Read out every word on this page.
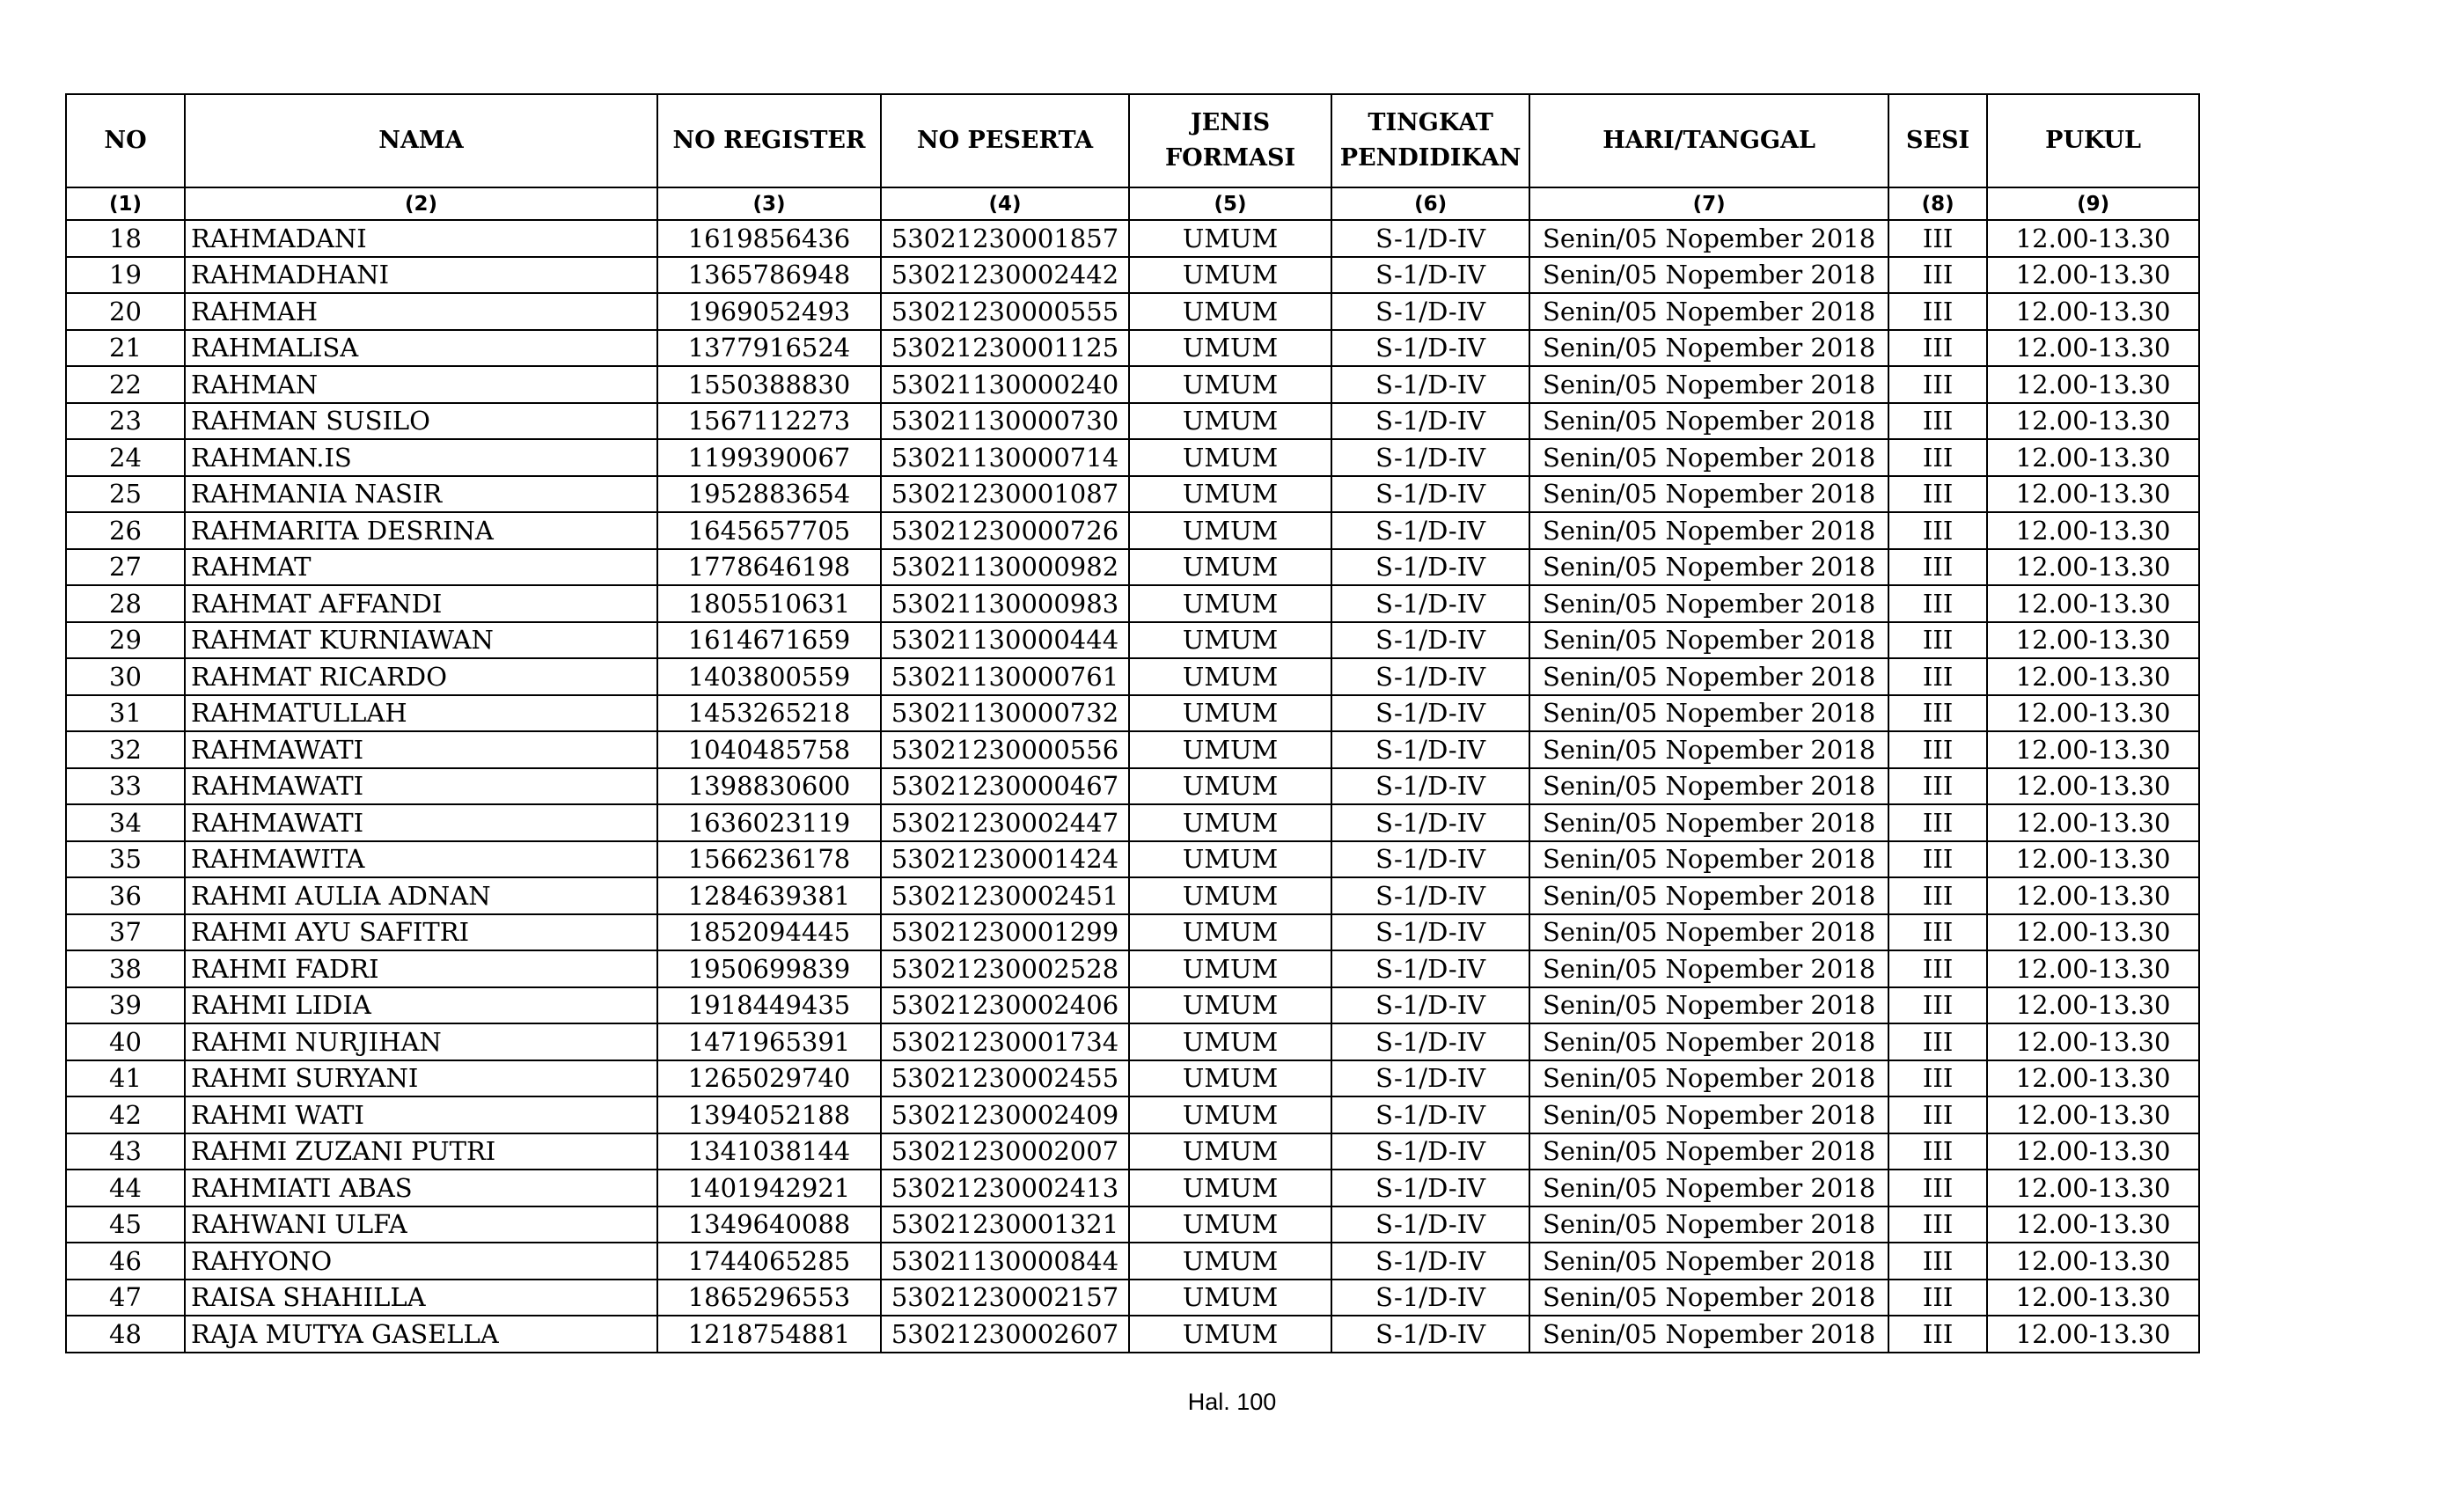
NO	NAMA	NO REGISTER	NO PESERTA	JENIS FORMASI	TINGKAT PENDIDIKAN	HARI/TANGGAL	SESI	PUKUL
(1)	(2)	(3)	(4)	(5)	(6)	(7)	(8)	(9)
18	RAHMADANI	1619856436	53021230001857	UMUM	S-1/D-IV	Senin/05 Nopember 2018	III	12.00-13.30
19	RAHMADHANI	1365786948	53021230002442	UMUM	S-1/D-IV	Senin/05 Nopember 2018	III	12.00-13.30
20	RAHMAH	1969052493	53021230000555	UMUM	S-1/D-IV	Senin/05 Nopember 2018	III	12.00-13.30
21	RAHMALISA	1377916524	53021230001125	UMUM	S-1/D-IV	Senin/05 Nopember 2018	III	12.00-13.30
22	RAHMAN	1550388830	53021130000240	UMUM	S-1/D-IV	Senin/05 Nopember 2018	III	12.00-13.30
23	RAHMAN SUSILO	1567112273	53021130000730	UMUM	S-1/D-IV	Senin/05 Nopember 2018	III	12.00-13.30
24	RAHMAN.IS	1199390067	53021130000714	UMUM	S-1/D-IV	Senin/05 Nopember 2018	III	12.00-13.30
25	RAHMANIA NASIR	1952883654	53021230001087	UMUM	S-1/D-IV	Senin/05 Nopember 2018	III	12.00-13.30
26	RAHMARITA DESRINA	1645657705	53021230000726	UMUM	S-1/D-IV	Senin/05 Nopember 2018	III	12.00-13.30
27	RAHMAT	1778646198	53021130000982	UMUM	S-1/D-IV	Senin/05 Nopember 2018	III	12.00-13.30
28	RAHMAT AFFANDI	1805510631	53021130000983	UMUM	S-1/D-IV	Senin/05 Nopember 2018	III	12.00-13.30
29	RAHMAT KURNIAWAN	1614671659	53021130000444	UMUM	S-1/D-IV	Senin/05 Nopember 2018	III	12.00-13.30
30	RAHMAT RICARDO	1403800559	53021130000761	UMUM	S-1/D-IV	Senin/05 Nopember 2018	III	12.00-13.30
31	RAHMATULLAH	1453265218	53021130000732	UMUM	S-1/D-IV	Senin/05 Nopember 2018	III	12.00-13.30
32	RAHMAWATI	1040485758	53021230000556	UMUM	S-1/D-IV	Senin/05 Nopember 2018	III	12.00-13.30
33	RAHMAWATI	1398830600	53021230000467	UMUM	S-1/D-IV	Senin/05 Nopember 2018	III	12.00-13.30
34	RAHMAWATI	1636023119	53021230002447	UMUM	S-1/D-IV	Senin/05 Nopember 2018	III	12.00-13.30
35	RAHMAWITA	1566236178	53021230001424	UMUM	S-1/D-IV	Senin/05 Nopember 2018	III	12.00-13.30
36	RAHMI AULIA ADNAN	1284639381	53021230002451	UMUM	S-1/D-IV	Senin/05 Nopember 2018	III	12.00-13.30
37	RAHMI AYU SAFITRI	1852094445	53021230001299	UMUM	S-1/D-IV	Senin/05 Nopember 2018	III	12.00-13.30
38	RAHMI FADRI	1950699839	53021230002528	UMUM	S-1/D-IV	Senin/05 Nopember 2018	III	12.00-13.30
39	RAHMI LIDIA	1918449435	53021230002406	UMUM	S-1/D-IV	Senin/05 Nopember 2018	III	12.00-13.30
40	RAHMI NURJIHAN	1471965391	53021230001734	UMUM	S-1/D-IV	Senin/05 Nopember 2018	III	12.00-13.30
41	RAHMI SURYANI	1265029740	53021230002455	UMUM	S-1/D-IV	Senin/05 Nopember 2018	III	12.00-13.30
42	RAHMI WATI	1394052188	53021230002409	UMUM	S-1/D-IV	Senin/05 Nopember 2018	III	12.00-13.30
43	RAHMI ZUZANI PUTRI	1341038144	53021230002007	UMUM	S-1/D-IV	Senin/05 Nopember 2018	III	12.00-13.30
44	RAHMIATI ABAS	1401942921	53021230002413	UMUM	S-1/D-IV	Senin/05 Nopember 2018	III	12.00-13.30
45	RAHWANI ULFA	1349640088	53021230001321	UMUM	S-1/D-IV	Senin/05 Nopember 2018	III	12.00-13.30
46	RAHYONO	1744065285	53021130000844	UMUM	S-1/D-IV	Senin/05 Nopember 2018	III	12.00-13.30
47	RAISA SHAHILLA	1865296553	53021230002157	UMUM	S-1/D-IV	Senin/05 Nopember 2018	III	12.00-13.30
48	RAJA MUTYA GASELLA	1218754881	53021230002607	UMUM	S-1/D-IV	Senin/05 Nopember 2018	III	12.00-13.30
Hal. 100
